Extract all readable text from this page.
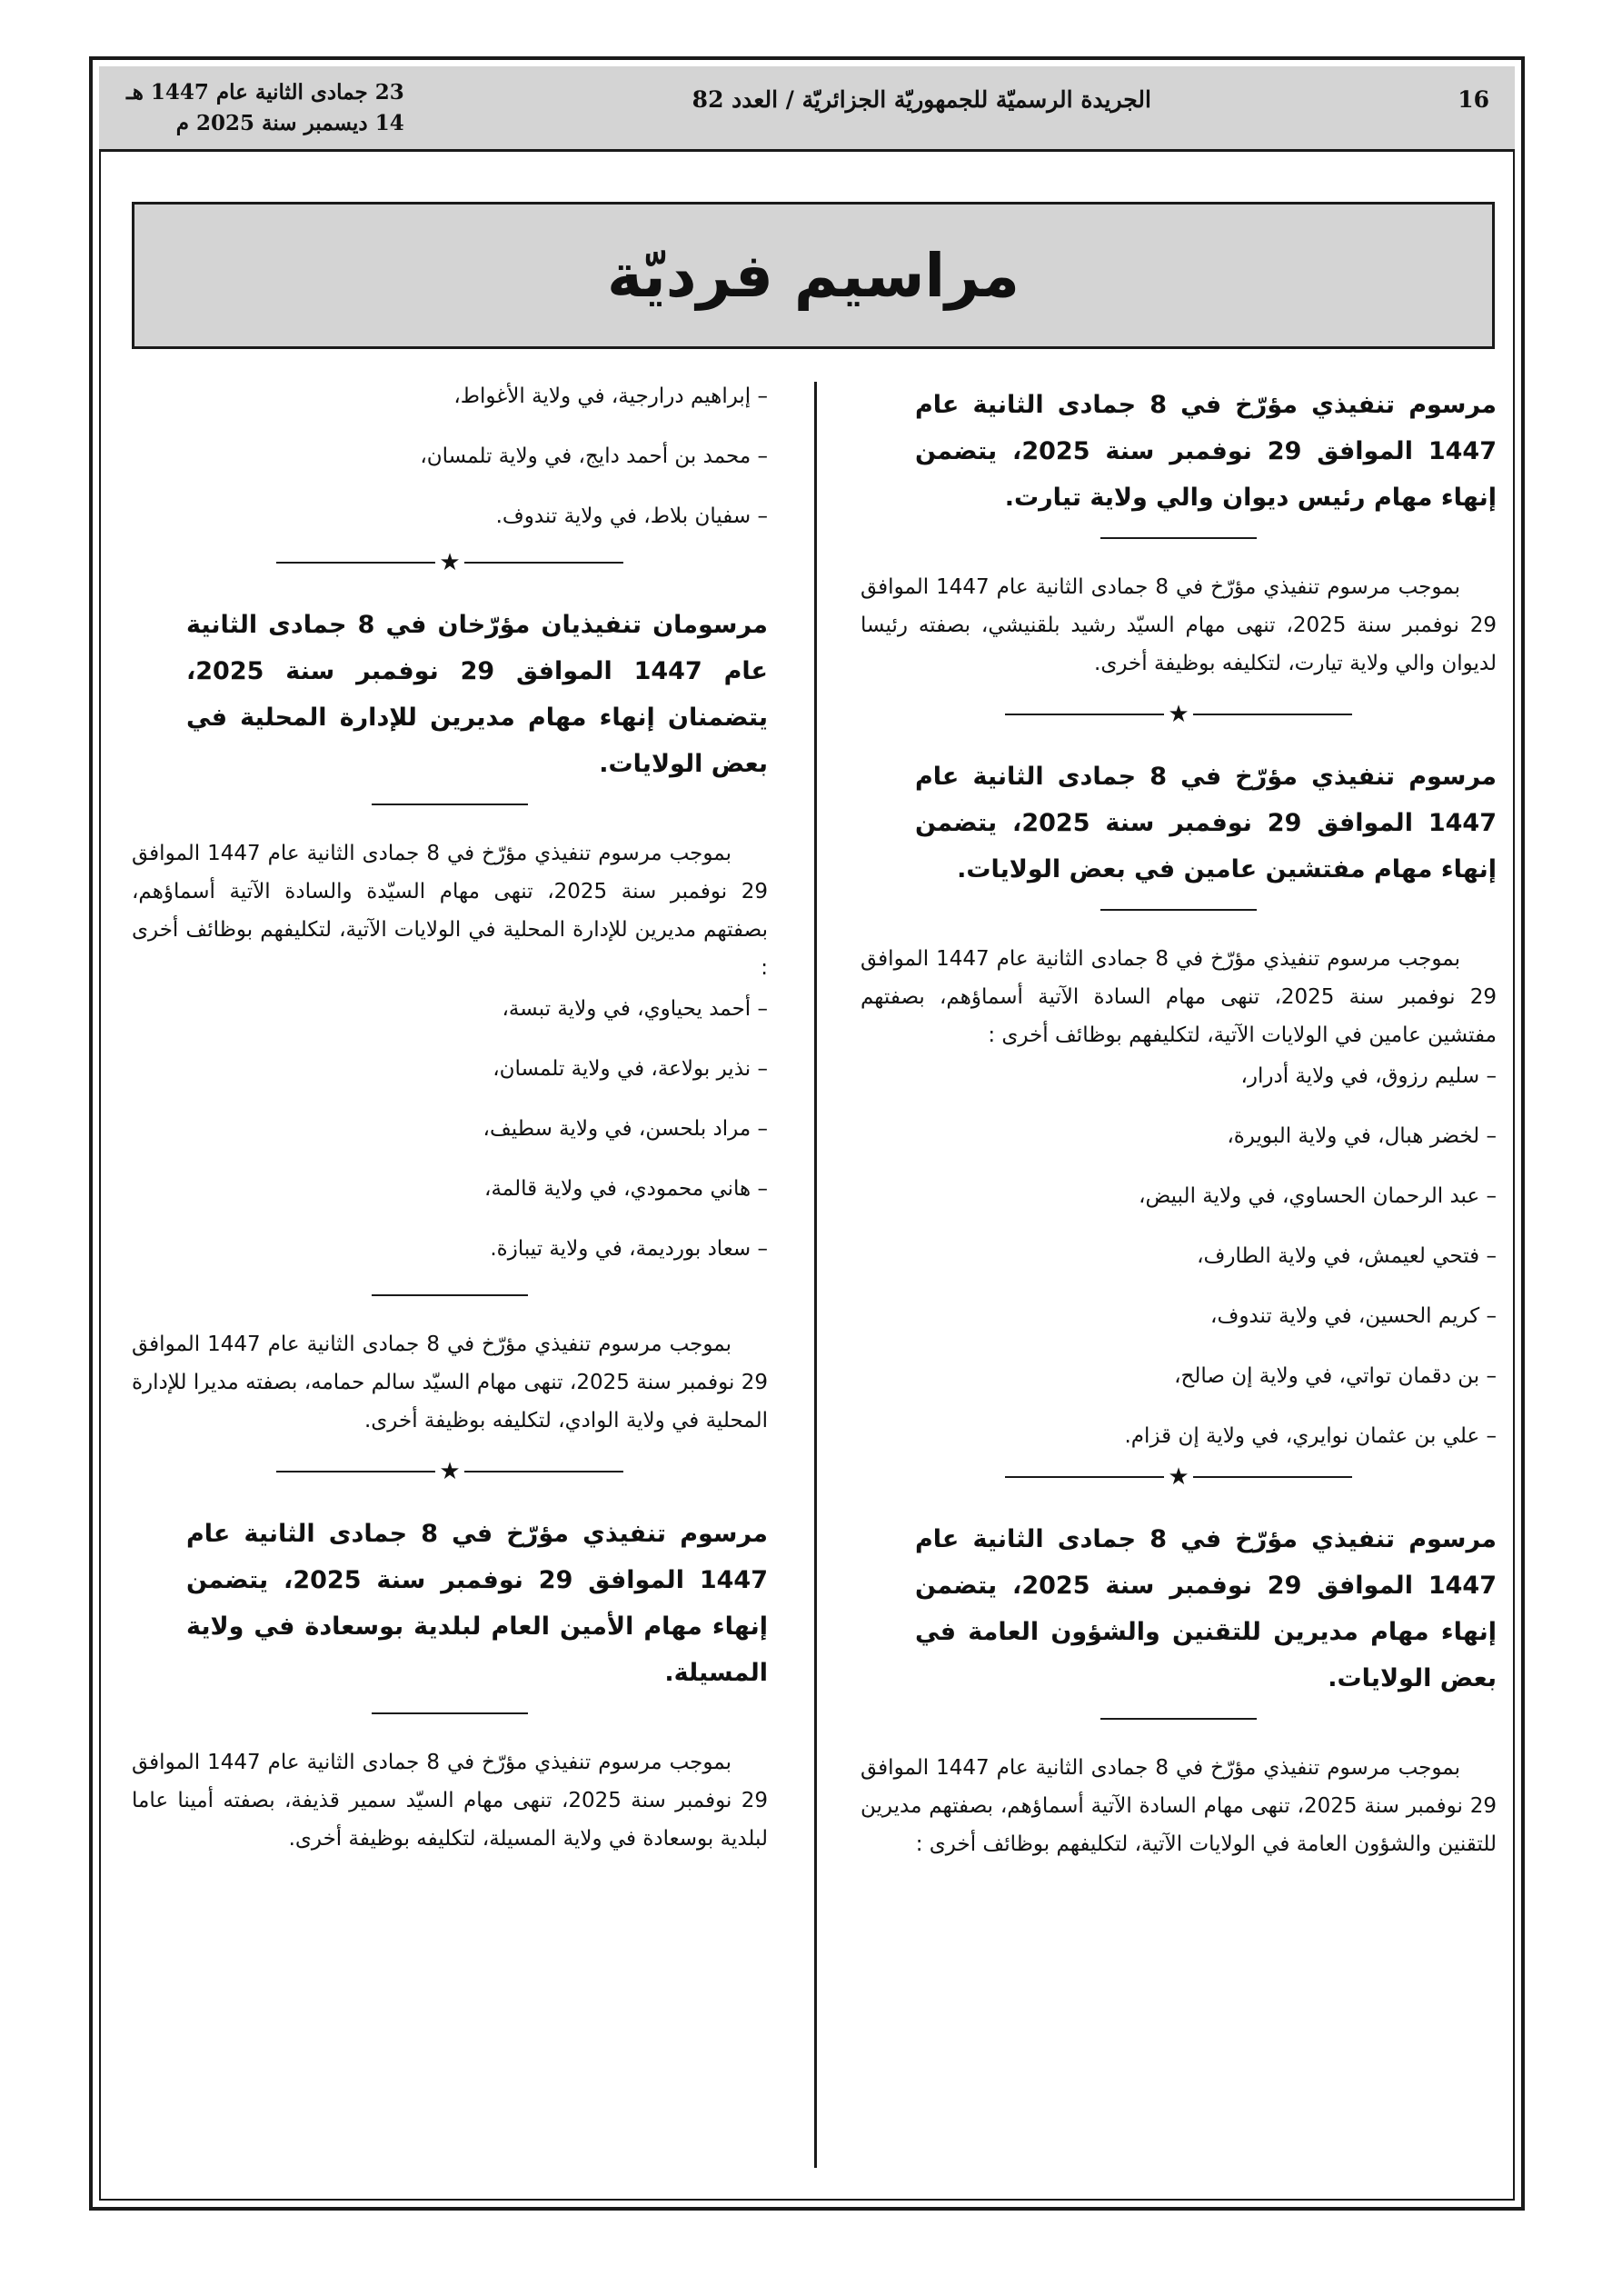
16
الجريدة الرسميّة للجمهوريّة الجزائريّة / العدد 82
23 جمادى الثانية عام 1447 هـ
14 ديسمبر سنة 2025 م
مراسيم فرديّة

مرسوم تنفيذي مؤرّخ في 8 جمادى الثانية عام 1447 الموافق 29 نوفمبر سنة 2025، يتضمن إنهاء مهام رئيس ديوان والي ولاية تيارت.

بموجب مرسوم تنفيذي مؤرّخ في 8 جمادى الثانية عام 1447 الموافق 29 نوفمبر سنة 2025، تنهى مهام السيّد رشيد بلقنيشي، بصفته رئيسا لديوان والي ولاية تيارت، لتكليفه بوظيفة أخرى.

★

مرسوم تنفيذي مؤرّخ في 8 جمادى الثانية عام 1447 الموافق 29 نوفمبر سنة 2025، يتضمن إنهاء مهام مفتشين عامين في بعض الولايات.

بموجب مرسوم تنفيذي مؤرّخ في 8 جمادى الثانية عام 1447 الموافق 29 نوفمبر سنة 2025، تنهى مهام السادة الآتية أسماؤهم، بصفتهم مفتشين عامين في الولايات الآتية، لتكليفهم بوظائف أخرى :

– سليم رزوق، في ولاية أدرار،
– لخضر هبال، في ولاية البويرة،
– عبد الرحمان الحساوي، في ولاية البيض،
– فتحي لعيمش، في ولاية الطارف،
– كريم الحسين، في ولاية تندوف،
– بن دقمان تواتي، في ولاية إن صالح،
– علي بن عثمان نوايري، في ولاية إن قزام.
★

مرسوم تنفيذي مؤرّخ في 8 جمادى الثانية عام 1447 الموافق 29 نوفمبر سنة 2025، يتضمن إنهاء مهام مديرين للتقنين والشؤون العامة في بعض الولايات.

بموجب مرسوم تنفيذي مؤرّخ في 8 جمادى الثانية عام 1447 الموافق 29 نوفمبر سنة 2025، تنهى مهام السادة الآتية أسماؤهم، بصفتهم مديرين للتقنين والشؤون العامة في الولايات الآتية، لتكليفهم بوظائف أخرى :

– إبراهيم درارجية، في ولاية الأغواط،
– محمد بن أحمد دايج، في ولاية تلمسان،
– سفيان بلاط، في ولاية تندوف.
★

مرسومان تنفيذيان مؤرّخان في 8 جمادى الثانية عام 1447 الموافق 29 نوفمبر سنة 2025، يتضمنان إنهاء مهام مديرين للإدارة المحلية في بعض الولايات.

بموجب مرسوم تنفيذي مؤرّخ في 8 جمادى الثانية عام 1447 الموافق 29 نوفمبر سنة 2025، تنهى مهام السيّدة والسادة الآتية أسماؤهم، بصفتهم مديرين للإدارة المحلية في الولايات الآتية، لتكليفهم بوظائف أخرى :

– أحمد يحياوي، في ولاية تبسة،
– نذير بولاعة، في ولاية تلمسان،
– مراد بلحسن، في ولاية سطيف،
– هاني محمودي، في ولاية قالمة،
– سعاد بورديمة، في ولاية تيبازة.

بموجب مرسوم تنفيذي مؤرّخ في 8 جمادى الثانية عام 1447 الموافق 29 نوفمبر سنة 2025، تنهى مهام السيّد سالم حمامه، بصفته مديرا للإدارة المحلية في ولاية الوادي، لتكليفه بوظيفة أخرى.

★

مرسوم تنفيذي مؤرّخ في 8 جمادى الثانية عام 1447 الموافق 29 نوفمبر سنة 2025، يتضمن إنهاء مهام الأمين العام لبلدية بوسعادة في ولاية المسيلة.

بموجب مرسوم تنفيذي مؤرّخ في 8 جمادى الثانية عام 1447 الموافق 29 نوفمبر سنة 2025، تنهى مهام السيّد سمير قذيفة، بصفته أمينا عاما لبلدية بوسعادة في ولاية المسيلة، لتكليفه بوظيفة أخرى.
